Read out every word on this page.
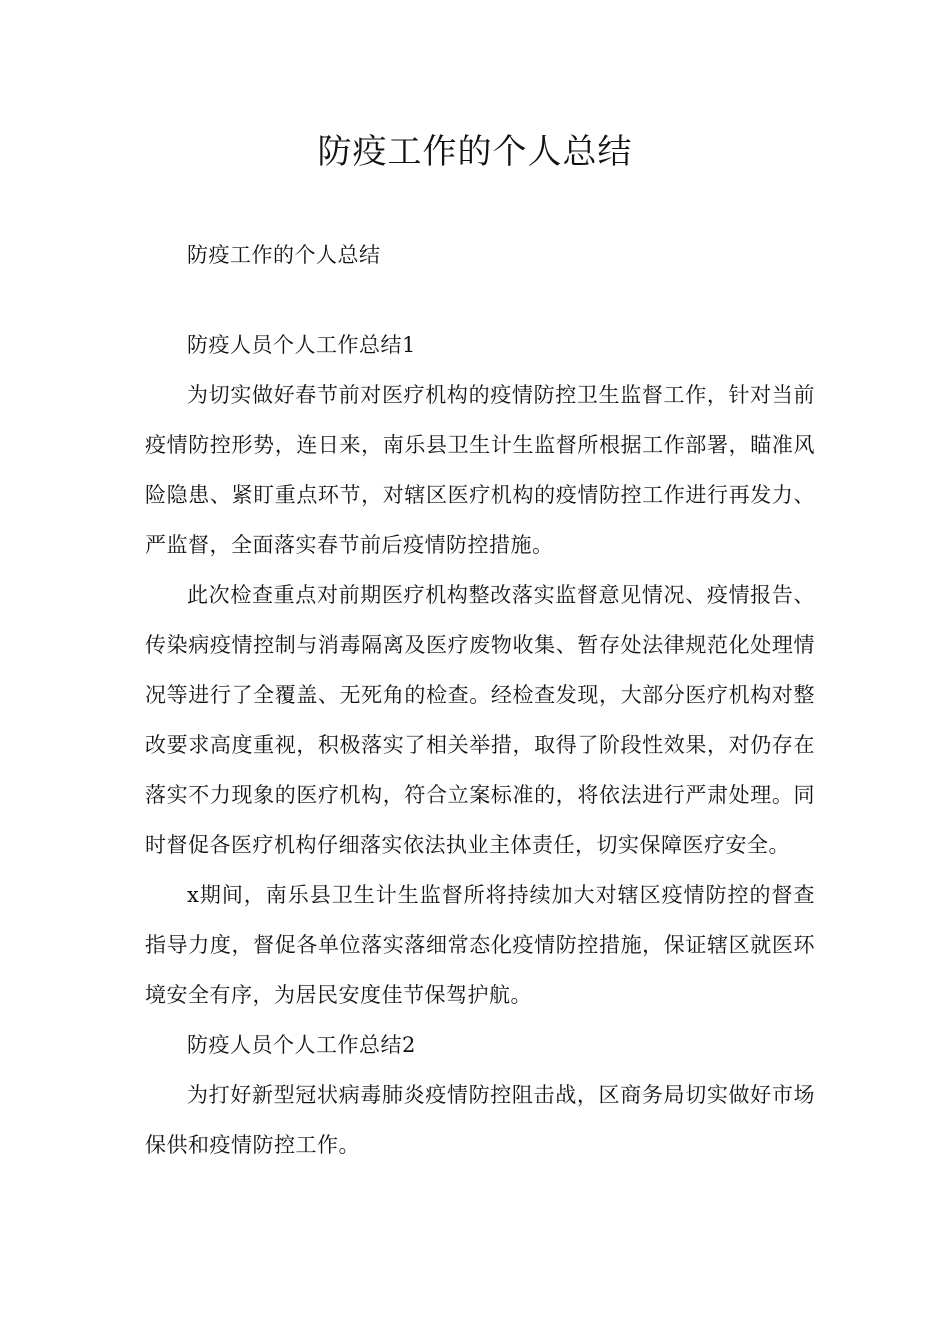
防疫工作的个人总结

防疫工作的个人总结

防疫人员个人工作总结1

为切实做好春节前对医疗机构的疫情防控卫生监督工作，针对当前疫情防控形势，连日来，南乐县卫生计生监督所根据工作部署，瞄准风险隐患、紧盯重点环节，对辖区医疗机构的疫情防控工作进行再发力、严监督，全面落实春节前后疫情防控措施。

此次检查重点对前期医疗机构整改落实监督意见情况、疫情报告、传染病疫情控制与消毒隔离及医疗废物收集、暂存处法律规范化处理情况等进行了全覆盖、无死角的检查。经检查发现，大部分医疗机构对整改要求高度重视，积极落实了相关举措，取得了阶段性效果，对仍存在落实不力现象的医疗机构，符合立案标准的，将依法进行严肃处理。同时督促各医疗机构仔细落实依法执业主体责任，切实保障医疗安全。

x期间，南乐县卫生计生监督所将持续加大对辖区疫情防控的督查指导力度，督促各单位落实落细常态化疫情防控措施，保证辖区就医环境安全有序，为居民安度佳节保驾护航。

防疫人员个人工作总结2

为打好新型冠状病毒肺炎疫情防控阻击战，区商务局切实做好市场保供和疫情防控工作。
